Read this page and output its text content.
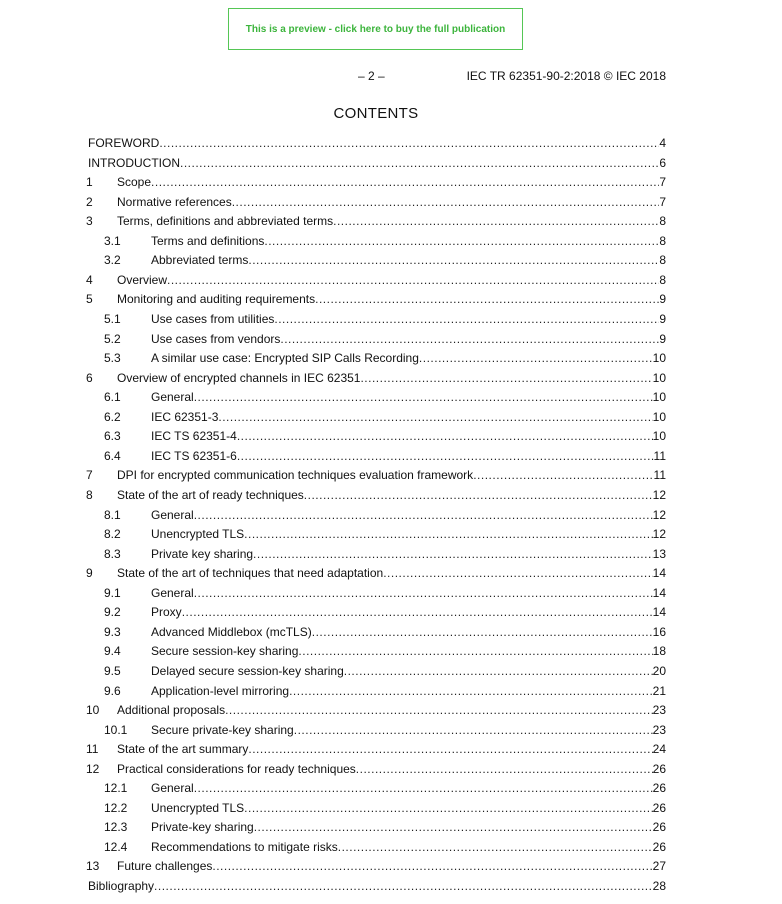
This is a preview - click here to buy the full publication
– 2 –	IEC TR 62351-90-2:2018 © IEC 2018
CONTENTS
FOREWORD .....	4
INTRODUCTION .....	6
1	Scope .....	7
2	Normative references .....	7
3	Terms, definitions and abbreviated terms .....	8
3.1	Terms and definitions .....	8
3.2	Abbreviated terms .....	8
4	Overview .....	8
5	Monitoring and auditing requirements .....	9
5.1	Use cases from utilities .....	9
5.2	Use cases from vendors .....	9
5.3	A similar use case: Encrypted SIP Calls Recording .....	10
6	Overview of encrypted channels in IEC 62351 .....	10
6.1	General .....	10
6.2	IEC 62351-3 .....	10
6.3	IEC TS 62351-4 .....	10
6.4	IEC TS 62351-6 .....	11
7	DPI for encrypted communication techniques evaluation framework .....	11
8	State of the art of ready techniques .....	12
8.1	General .....	12
8.2	Unencrypted TLS .....	12
8.3	Private key sharing .....	13
9	State of the art of techniques that need adaptation .....	14
9.1	General .....	14
9.2	Proxy .....	14
9.3	Advanced Middlebox (mcTLS) .....	16
9.4	Secure session-key sharing .....	18
9.5	Delayed secure session-key sharing .....	20
9.6	Application-level mirroring .....	21
10	Additional proposals .....	23
10.1	Secure private-key sharing .....	23
11	State of the art summary .....	24
12	Practical considerations for ready techniques .....	26
12.1	General .....	26
12.2	Unencrypted TLS .....	26
12.3	Private-key sharing .....	26
12.4	Recommendations to mitigate risks .....	26
13	Future challenges .....	27
Bibliography .....	28
